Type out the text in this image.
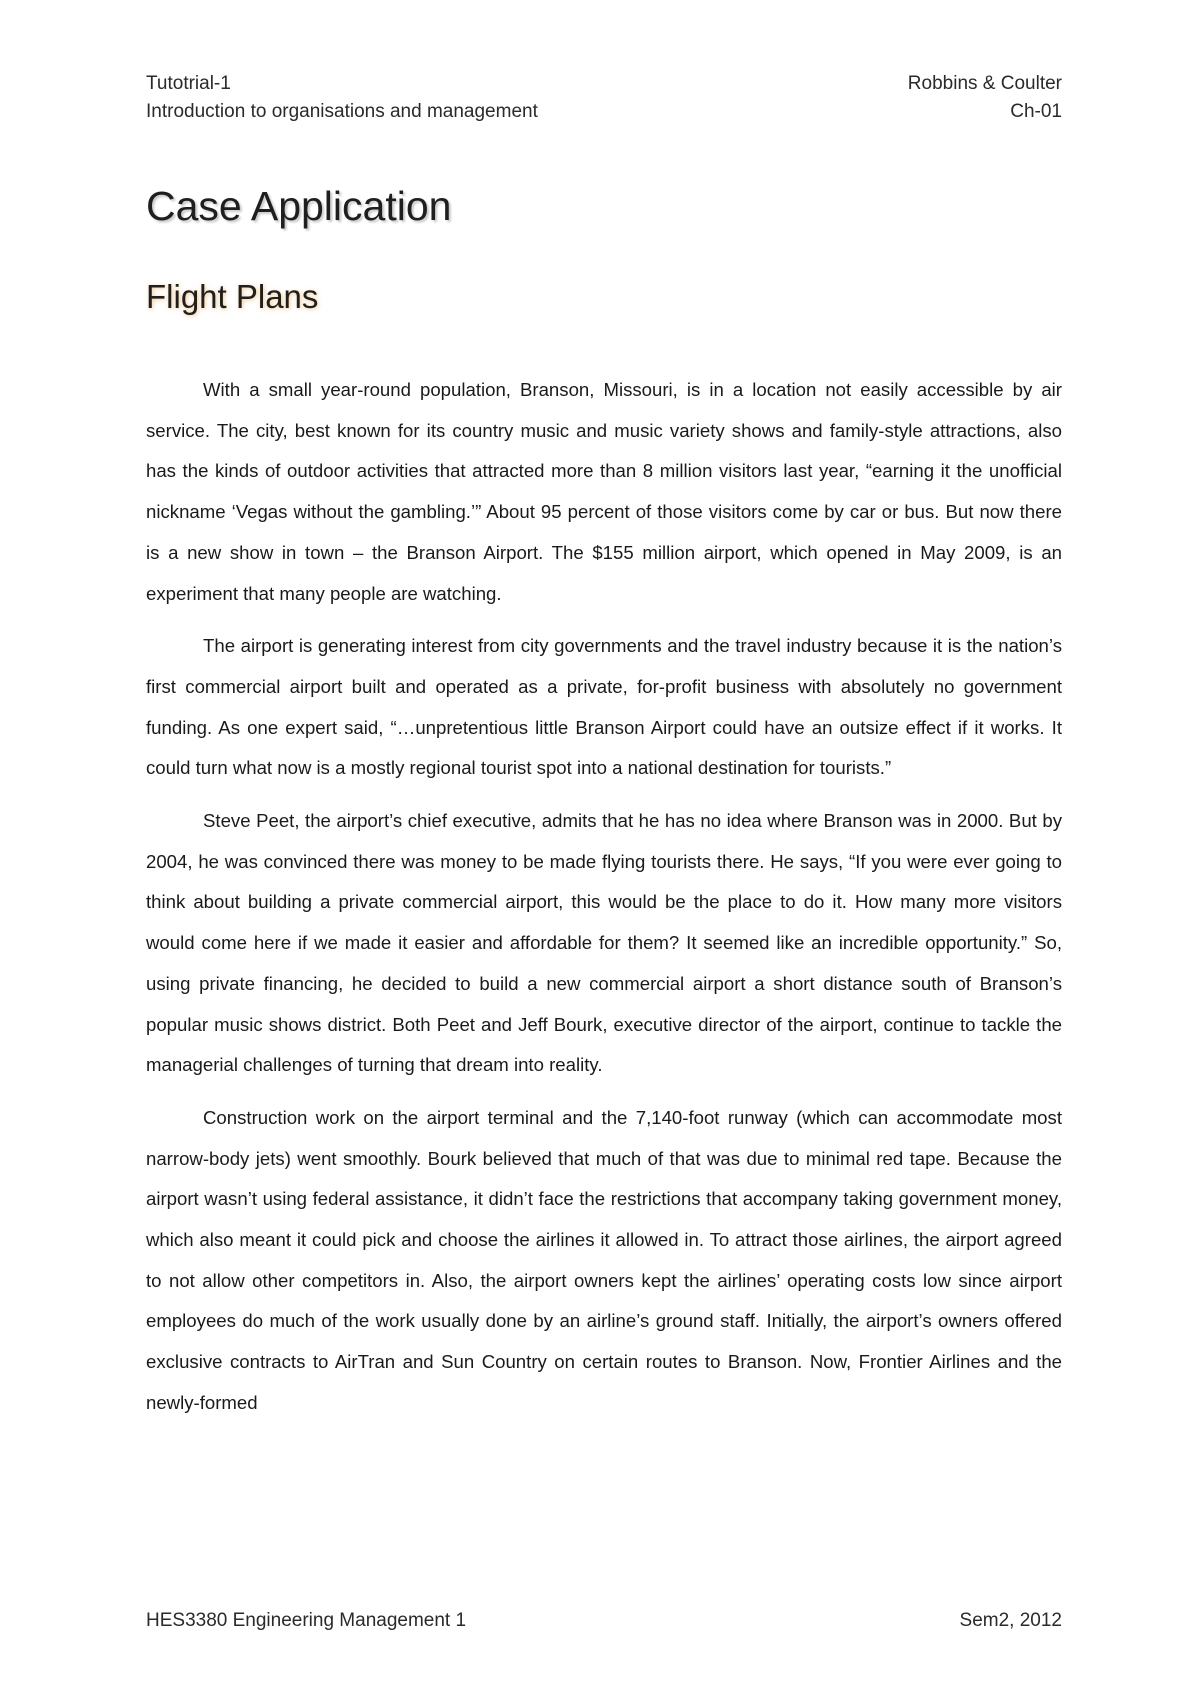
Tutotrial-1	Robbins & Coulter
Introduction to organisations and management	Ch-01
Case Application
Flight Plans

With a small year-round population, Branson, Missouri, is in a location not easily accessible by air service. The city, best known for its country music and music variety shows and family-style attractions, also has the kinds of outdoor activities that attracted more than 8 million visitors last year, “earning it the unofficial nickname ‘Vegas without the gambling.’” About 95 percent of those visitors come by car or bus. But now there is a new show in town – the Branson Airport. The $155 million airport, which opened in May 2009, is an experiment that many people are watching.

The airport is generating interest from city governments and the travel industry because it is the nation’s first commercial airport built and operated as a private, for-profit business with absolutely no government funding. As one expert said, “…unpretentious little Branson Airport could have an outsize effect if it works. It could turn what now is a mostly regional tourist spot into a national destination for tourists.”

Steve Peet, the airport’s chief executive, admits that he has no idea where Branson was in 2000. But by 2004, he was convinced there was money to be made flying tourists there. He says, “If you were ever going to think about building a private commercial airport, this would be the place to do it. How many more visitors would come here if we made it easier and affordable for them? It seemed like an incredible opportunity.” So, using private financing, he decided to build a new commercial airport a short distance south of Branson’s popular music shows district. Both Peet and Jeff Bourk, executive director of the airport, continue to tackle the managerial challenges of turning that dream into reality.

Construction work on the airport terminal and the 7,140-foot runway (which can accommodate most narrow-body jets) went smoothly. Bourk believed that much of that was due to minimal red tape. Because the airport wasn’t using federal assistance, it didn’t face the restrictions that accompany taking government money, which also meant it could pick and choose the airlines it allowed in. To attract those airlines, the airport agreed to not allow other competitors in. Also, the airport owners kept the airlines’ operating costs low since airport employees do much of the work usually done by an airline’s ground staff. Initially, the airport’s owners offered exclusive contracts to AirTran and Sun Country on certain routes to Branson. Now, Frontier Airlines and the newly-formed

HES3380 Engineering Management 1	Sem2, 2012
